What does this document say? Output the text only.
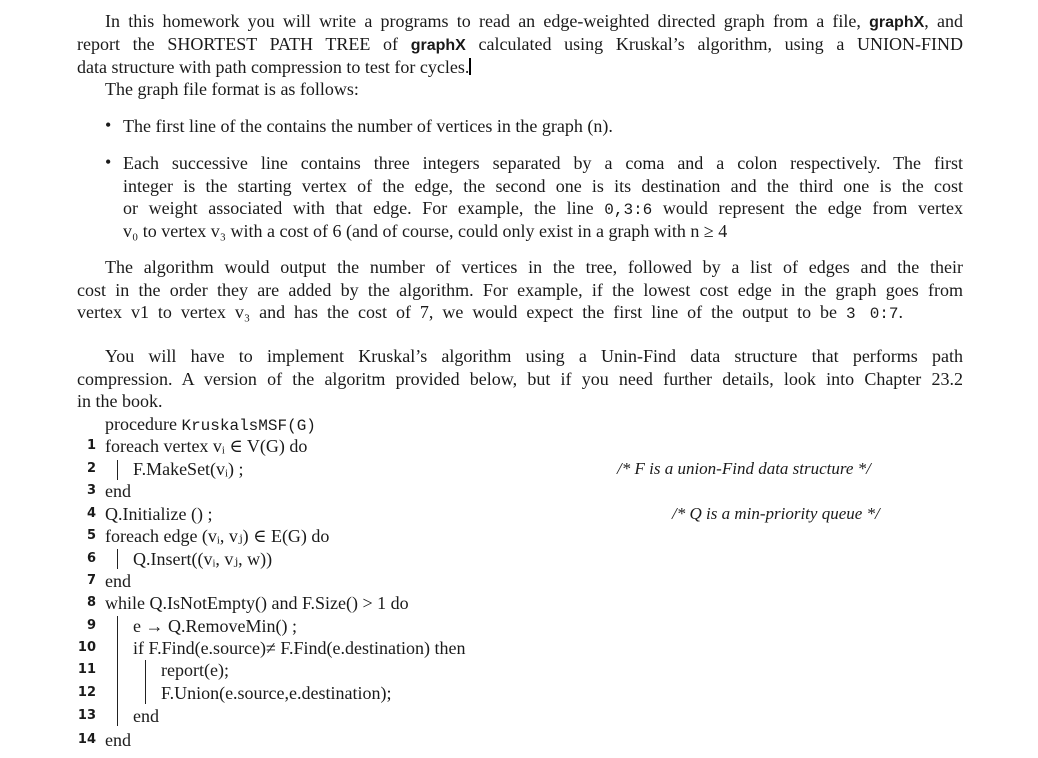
In this homework you will write a programs to read an edge-weighted directed graph from a file, graphX, and
report the SHORTEST PATH TREE of graphX calculated using Kruskal’s algorithm, using a UNION-FIND
data structure with path compression to test for cycles.
The graph file format is as follows:
• The first line of the contains the number of vertices in the graph (n).
• Each successive line contains three integers separated by a coma and a colon respectively. The first
integer is the starting vertex of the edge, the second one is its destination and the third one is the cost
or weight associated with that edge. For example, the line 0,3:6 would represent the edge from vertex
v₀ to vertex v₃ with a cost of 6 (and of course, could only exist in a graph with n ≥ 4
The algorithm would output the number of vertices in the tree, followed by a list of edges and the their
cost in the order they are added by the algorithm. For example, if the lowest cost edge in the graph goes from
vertex v1 to vertex v₃ and has the cost of 7, we would expect the first line of the output to be 3 0:7.
You will have to implement Kruskal’s algorithm using a Unin-Find data structure that performs path
compression. A version of the algoritm provided below, but if you need further details, look into Chapter 23.2
in the book.
procedure KruskalsMSF(G)
1 foreach vertex vᵢ ∈ V(G) do
2 F.MakeSet(vᵢ) ;
3 end
4 Q.Initialize () ;
5 foreach edge (vᵢ, vⱼ) ∈ E(G) do
6 Q.Insert((vᵢ, vⱼ, w))
7 end
8 while Q.IsNotEmpty() and F.Size() > 1 do
9 e → Q.RemoveMin() ;
10 if F.Find(e.source)≠ F.Find(e.destination) then
11	report(e);
12	F.Union(e.source,e.destination);
13 end
14 end
/* F is a union-Find data structure */
/* Q is a min-priority queue */
